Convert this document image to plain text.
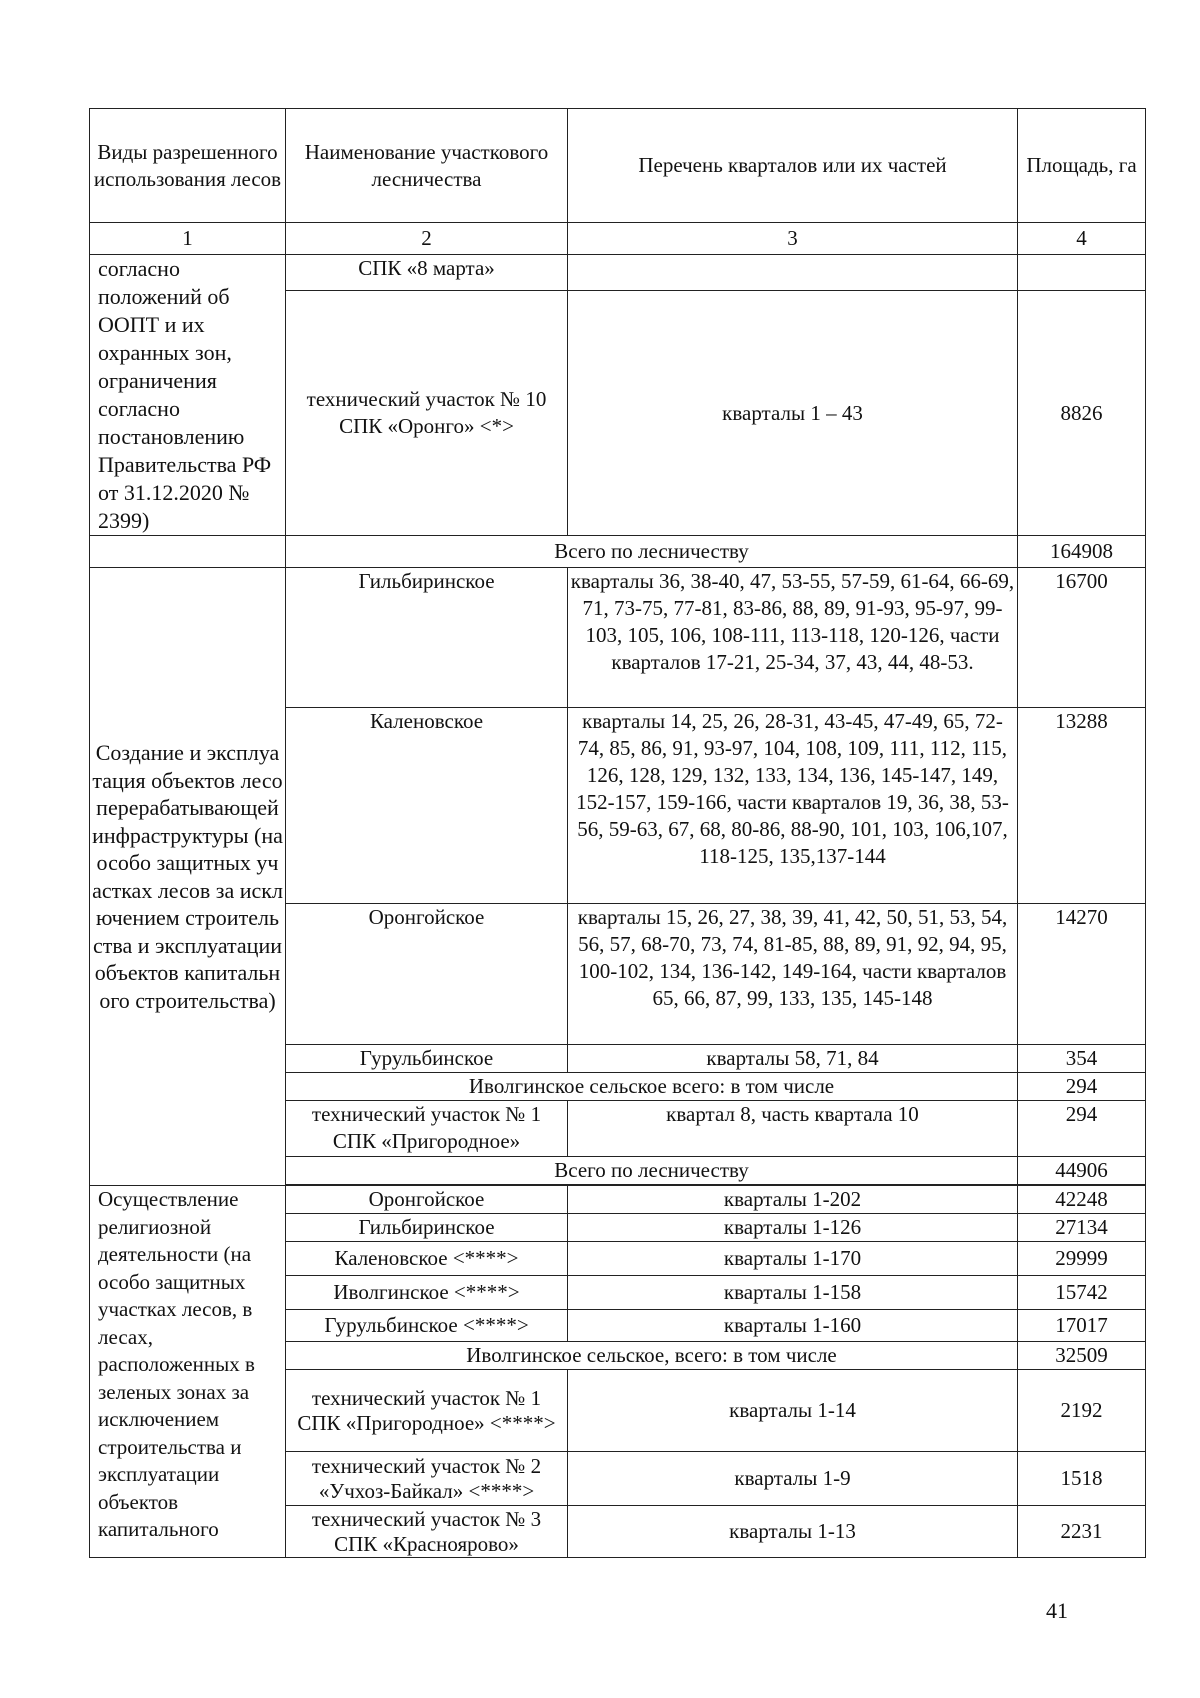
Виды разрешенного использования лесов	Наименование участкового лесничества	Перечень кварталов или их частей	Площадь, га
1	2	3	4
согласно положений об ООПТ и их охранных зон, ограничения согласно постановлению Правительства РФ от 31.12.2020 № 2399)	СПК «8 марта»		
	технический участок № 10 СПК «Оронго» <*>	кварталы 1 – 43	8826
	Всего по лесничеству		164908
Создание и эксплуатация объектов лесоперерабатывающей инфраструктуры (на особо защитных участках лесов за исключением строительства и эксплуатации объектов капитального строительства)	Гильбиринское	кварталы 36, 38-40, 47, 53-55, 57-59, 61-64, 66-69, 71, 73-75, 77-81, 83-86, 88, 89, 91-93, 95-97, 99-103, 105, 106, 108-111, 113-118, 120-126, части кварталов 17-21, 25-34, 37, 43, 44, 48-53.	16700
	Каленовское	кварталы 14, 25, 26, 28-31, 43-45, 47-49, 65, 72-74, 85, 86, 91, 93-97, 104, 108, 109, 111, 112, 115, 126, 128, 129, 132, 133, 134, 136, 145-147, 149, 152-157, 159-166, части кварталов 19, 36, 38, 53-56, 59-63, 67, 68, 80-86, 88-90, 101, 103, 106,107, 118-125, 135,137-144	13288
	Оронгойское	кварталы 15, 26, 27, 38, 39, 41, 42, 50, 51, 53, 54, 56, 57, 68-70, 73, 74, 81-85, 88, 89, 91, 92, 94, 95, 100-102, 134, 136-142, 149-164, части кварталов 65, 66, 87, 99, 133, 135, 145-148	14270
	Гурульбинское	кварталы 58, 71, 84	354
	Иволгинское сельское всего: в том числе		294
	технический участок № 1 СПК «Пригородное»	квартал 8, часть квартала 10	294
	Всего по лесничеству		44906

Осуществление религиозной деятельности (на особо защитных участках лесов, в лесах, расположенных в зеленых зонах за исключением строительства и эксплуатации объектов капитального	Оронгойское	кварталы 1-202	42248
	Гильбиринское	кварталы 1-126	27134
	Каленовское <****>	кварталы 1-170	29999
	Иволгинское <****>	кварталы 1-158	15742
	Гурульбинское <****>	кварталы 1-160	17017
	Иволгинское сельское, всего: в том числе		32509
	технический участок № 1 СПК «Пригородное» <****>	кварталы 1-14	2192
	технический участок № 2 «Учхоз-Байкал» <****>	кварталы 1-9	1518
	технический участок № 3 СПК «Красноярово»	кварталы 1-13	2231
41
